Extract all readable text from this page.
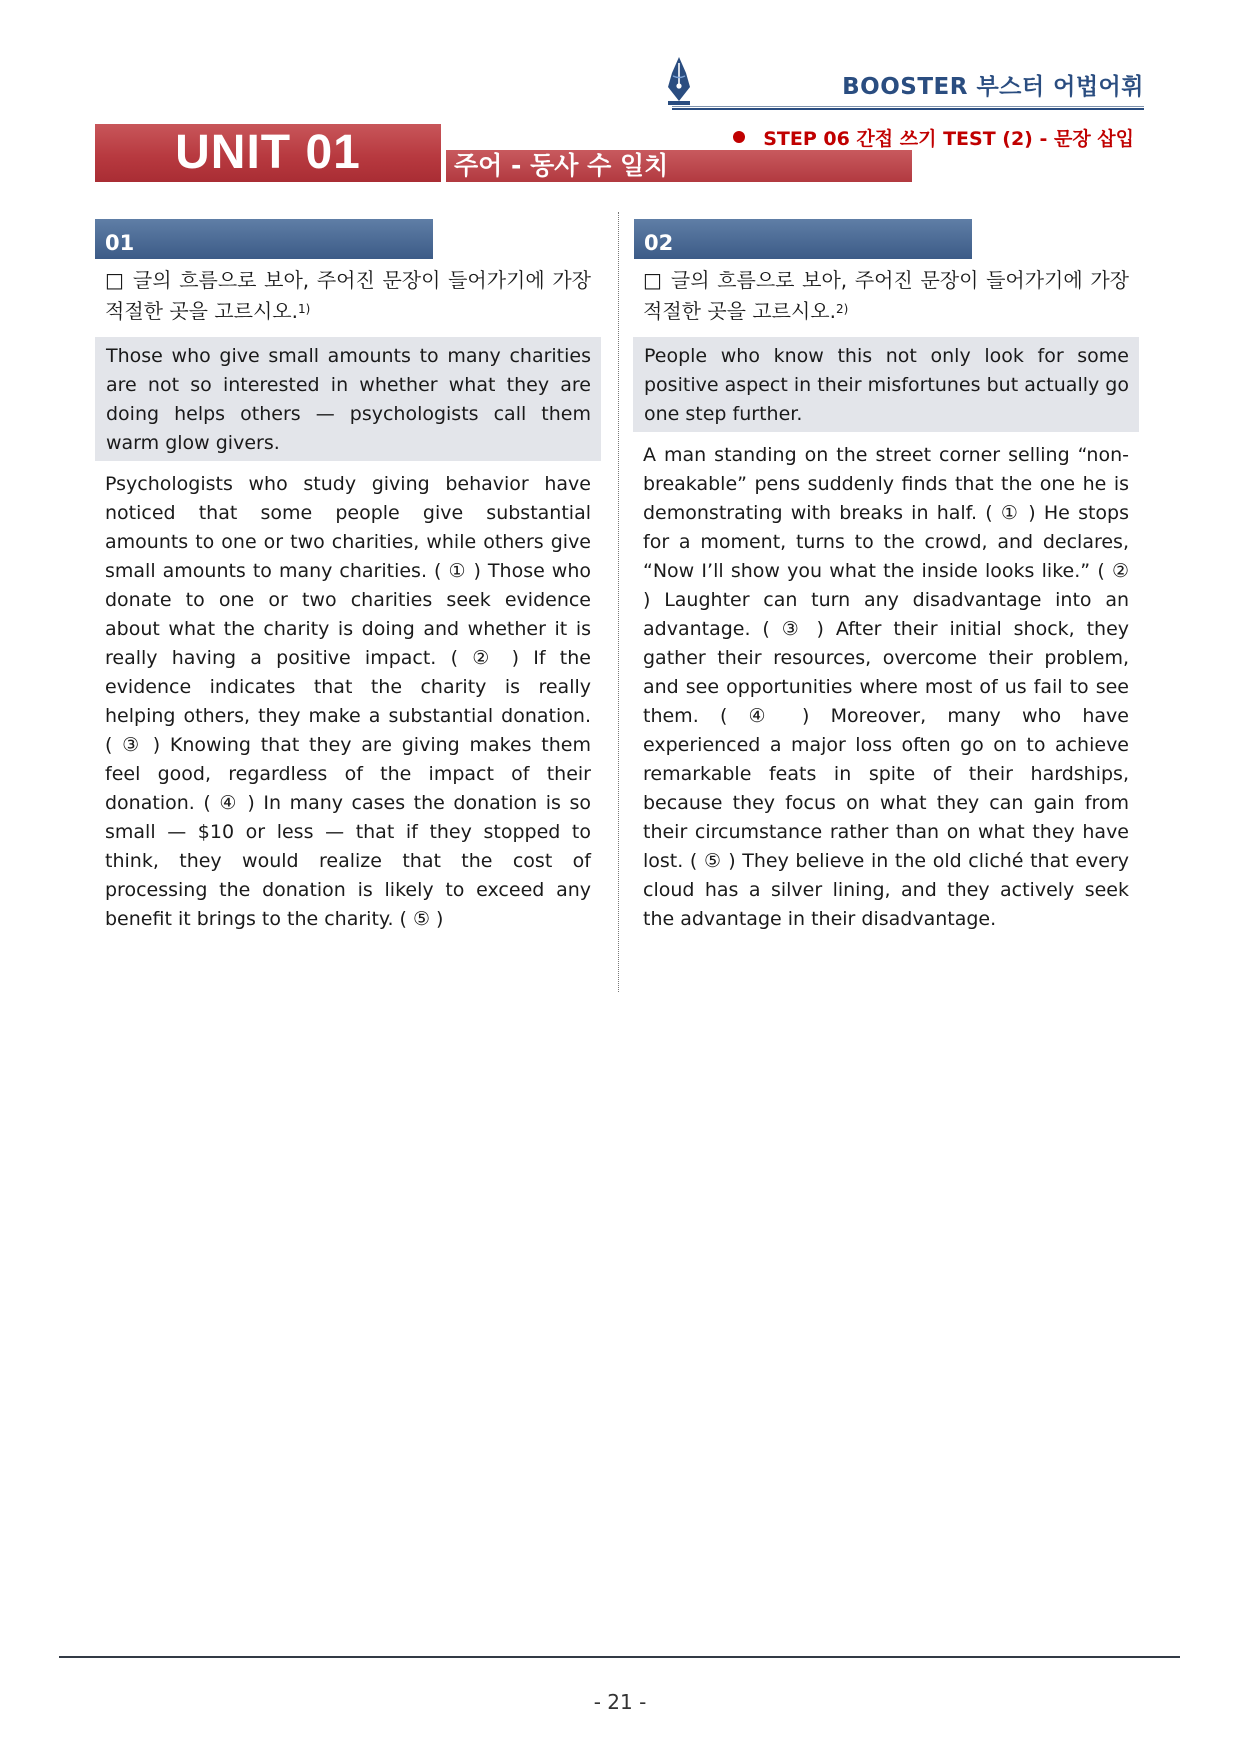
BOOSTER 부스터 어법어휘
UNIT 01	주어 - 동사 수 일치
STEP 06 간접 쓰기 TEST (2) - 문장 삽입
01
□ 글의 흐름으로 보아, 주어진 문장이 들어가기에 가장 적절한 곳을 고르시오.$^{1)}$
Those who give small amounts to many charities are not so interested in whether what they are doing helps others — psychologists call them warm glow givers.
Psychologists who study giving behavior have noticed that some people give substantial amounts to one or two charities, while others give small amounts to many charities. ( ① ) Those who donate to one or two charities seek evidence about what the charity is doing and whether it is really having a positive impact. ( ② ) If the evidence indicates that the charity is really helping others, they make a substantial donation. ( ③ ) Knowing that they are giving makes them feel good, regardless of the impact of their donation. ( ④ ) In many cases the donation is so small — $10 or less — that if they stopped to think, they would realize that the cost of processing the donation is likely to exceed any benefit it brings to the charity. ( ⑤ )
02
□ 글의 흐름으로 보아, 주어진 문장이 들어가기에 가장 적절한 곳을 고르시오.$^{2)}$
People who know this not only look for some positive aspect in their misfortunes but actually go one step further.
A man standing on the street corner selling “non-breakable” pens suddenly finds that the one he is demonstrating with breaks in half. ( ① ) He stops for a moment, turns to the crowd, and declares, “Now I’ll show you what the inside looks like.” ( ② ) Laughter can turn any disadvantage into an advantage. ( ③ ) After their initial shock, they gather their resources, overcome their problem, and see opportunities where most of us fail to see them. ( ④ ) Moreover, many who have experienced a major loss often go on to achieve remarkable feats in spite of their hardships, because they focus on what they can gain from their circumstance rather than on what they have lost. ( ⑤ ) They believe in the old cliché that every cloud has a silver lining, and they actively seek the advantage in their disadvantage.
- 21 -
